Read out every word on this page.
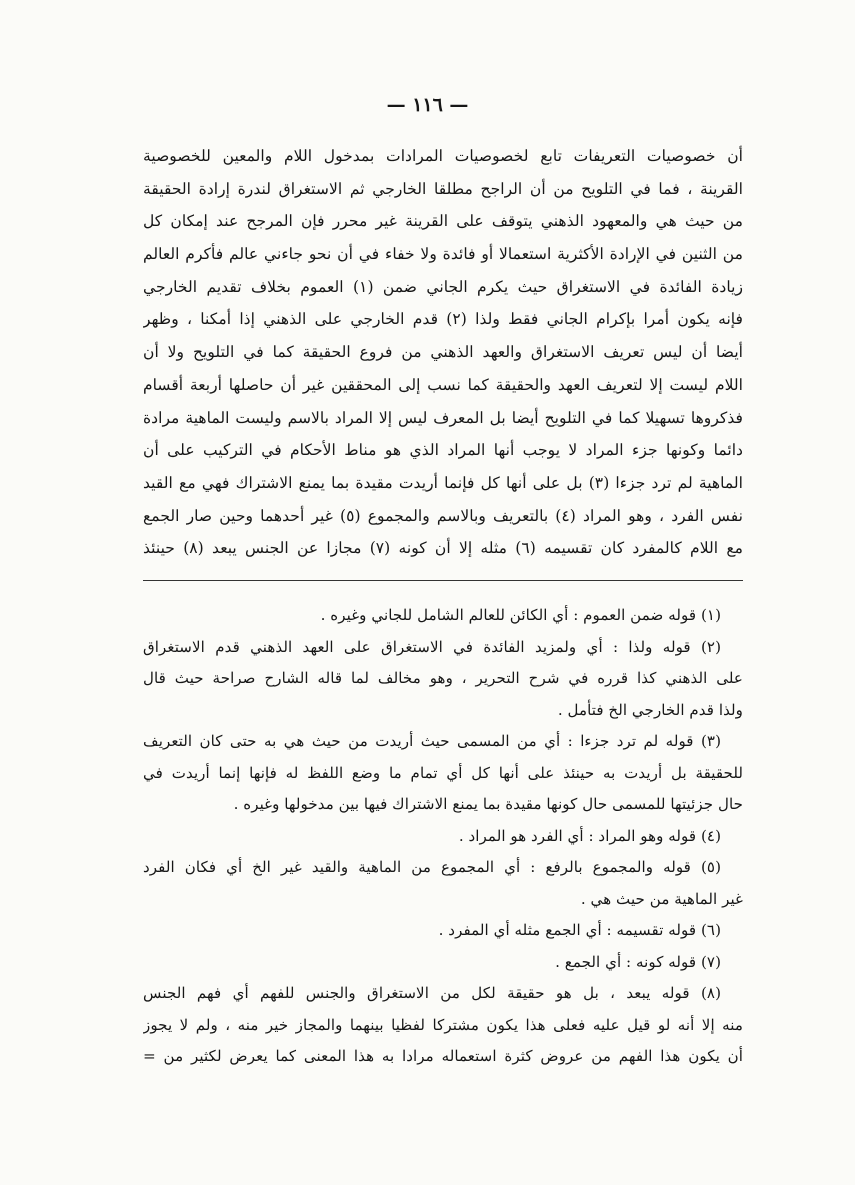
— ١١٦ —
أن خصوصيات التعريفات تابع لخصوصيات المرادات بمدخول اللام والمعين للخصوصية
القرينة ، فما في التلويح من أن الراجح مطلقا الخارجي ثم الاستغراق لندرة إرادة الحقيقة
من حيث هي والمعهود الذهني يتوقف على القرينة غير محرر فإن المرجح عند إمكان كل
من الثنين في الإرادة الأكثرية استعمالا أو فائدة ولا خفاء في أن نحو جاءني عالم فأكرم العالم
زيادة الفائدة في الاستغراق حيث يكرم الجاني ضمن (١) العموم بخلاف تقديم الخارجي
فإنه يكون أمرا بإكرام الجاني فقط ولذا (٢) قدم الخارجي على الذهني إذا أمكنا ، وظهر
أيضا أن ليس تعريف الاستغراق والعهد الذهني من فروع الحقيقة كما في التلويح ولا أن
اللام ليست إلا لتعريف العهد والحقيقة كما نسب إلى المحققين غير أن حاصلها أربعة أقسام
فذكروها تسهيلا كما في التلويح أيضا بل المعرف ليس إلا المراد بالاسم وليست الماهية مرادة
دائما وكونها جزء المراد لا يوجب أنها المراد الذي هو مناط الأحكام في التركيب على أن
الماهية لم ترد جزءا (٣) بل على أنها كل فإنما أريدت مقيدة بما يمنع الاشتراك فهي مع القيد
نفس الفرد ، وهو المراد (٤) بالتعريف وبالاسم والمجموع (٥) غير أحدهما وحين صار الجمع
مع اللام كالمفرد كان تقسيمه (٦) مثله إلا أن كونه (٧) مجازا عن الجنس يبعد (٨) حينئذ
(١) قوله ضمن العموم : أي الكائن للعالم الشامل للجاني وغيره .
(٢) قوله ولذا : أي ولمزيد الفائدة في الاستغراق على العهد الذهني قدم الاستغراق
على الذهني كذا قرره في شرح التحرير ، وهو مخالف لما قاله الشارح صراحة حيث قال
ولذا قدم الخارجي الخ فتأمل .
(٣) قوله لم ترد جزءا : أي من المسمى حيث أريدت من حيث هي به حتى كان التعريف
للحقيقة بل أريدت به حينئذ على أنها كل أي تمام ما وضع اللفظ له فإنها إنما أريدت في
حال جزئيتها للمسمى حال كونها مقيدة بما يمنع الاشتراك فيها بين مدخولها وغيره .
(٤) قوله وهو المراد : أي الفرد هو المراد .
(٥) قوله والمجموع بالرفع : أي المجموع من الماهية والقيد غير الخ أي فكان الفرد
غير الماهية من حيث هي .
(٦) قوله تقسيمه : أي الجمع مثله أي المفرد .
(٧) قوله كونه : أي الجمع .
(٨) قوله يبعد ، بل هو حقيقة لكل من الاستغراق والجنس للفهم أي فهم الجنس
منه إلا أنه لو قيل عليه فعلى هذا يكون مشتركا لفظيا بينهما والمجاز خير منه ، ولم لا يجوز
أن يكون هذا الفهم من عروض كثرة استعماله مرادا به هذا المعنى كما يعرض لكثير من =
